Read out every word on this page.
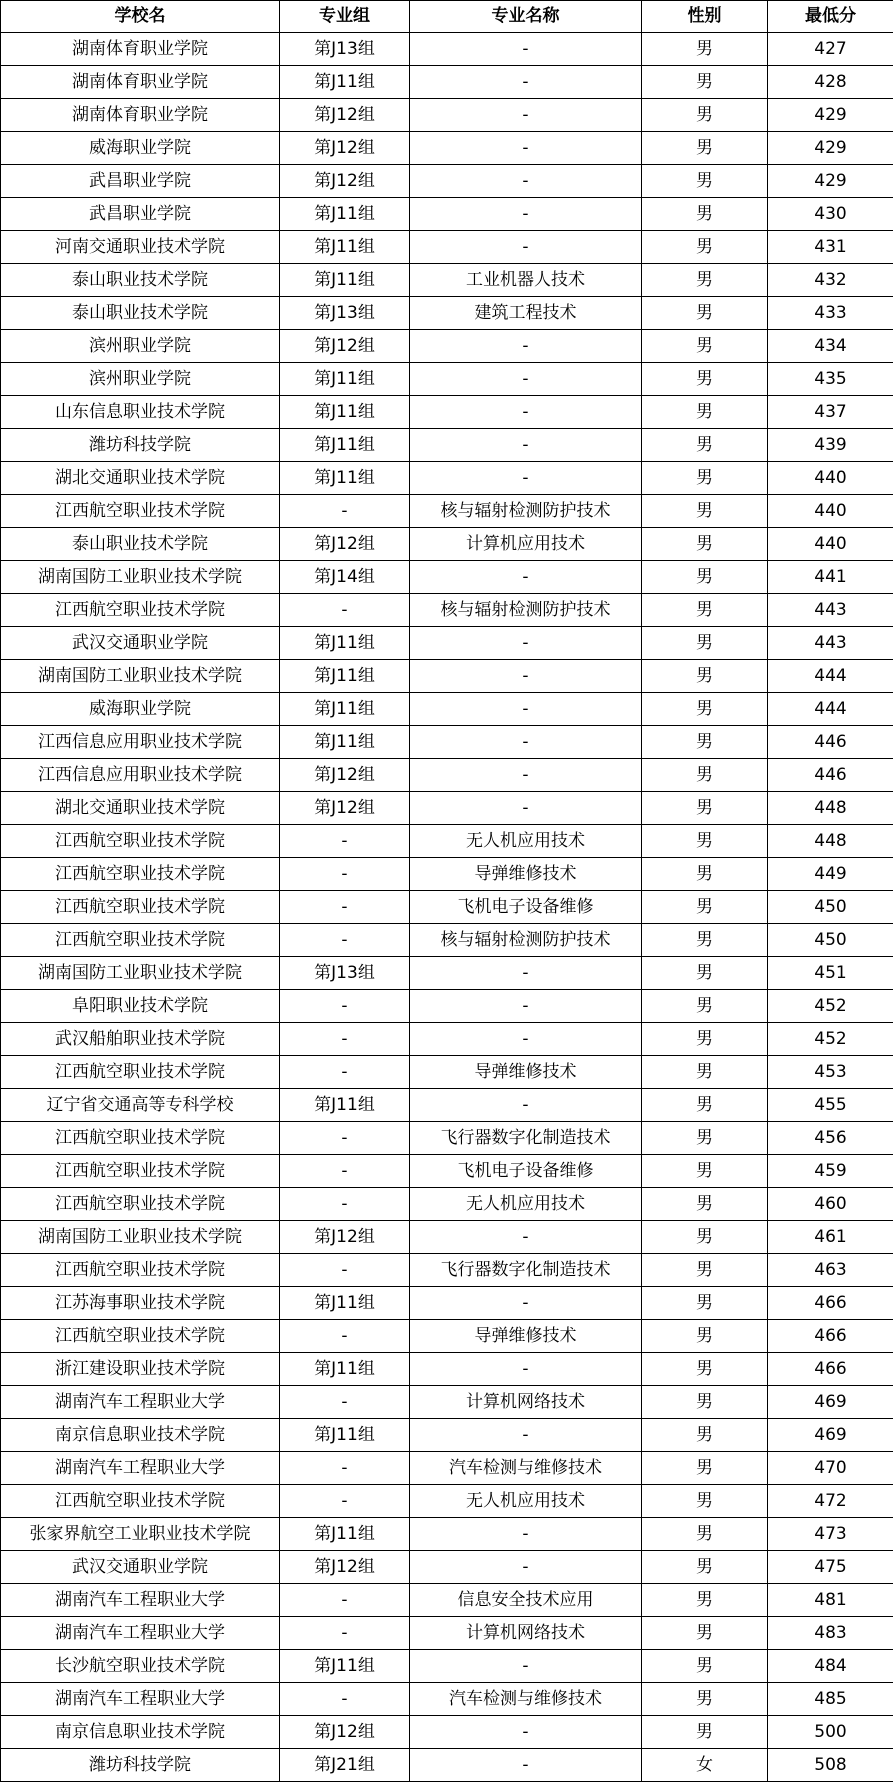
学校名	专业组	专业名称	性别	最低分
湖南体育职业学院	第J13组	-	男	427
湖南体育职业学院	第J11组	-	男	428
湖南体育职业学院	第J12组	-	男	429
威海职业学院	第J12组	-	男	429
武昌职业学院	第J12组	-	男	429
武昌职业学院	第J11组	-	男	430
河南交通职业技术学院	第J11组	-	男	431
泰山职业技术学院	第J11组	工业机器人技术	男	432
泰山职业技术学院	第J13组	建筑工程技术	男	433
滨州职业学院	第J12组	-	男	434
滨州职业学院	第J11组	-	男	435
山东信息职业技术学院	第J11组	-	男	437
潍坊科技学院	第J11组	-	男	439
湖北交通职业技术学院	第J11组	-	男	440
江西航空职业技术学院	-	核与辐射检测防护技术	男	440
泰山职业技术学院	第J12组	计算机应用技术	男	440
湖南国防工业职业技术学院	第J14组	-	男	441
江西航空职业技术学院	-	核与辐射检测防护技术	男	443
武汉交通职业学院	第J11组	-	男	443
湖南国防工业职业技术学院	第J11组	-	男	444
威海职业学院	第J11组	-	男	444
江西信息应用职业技术学院	第J11组	-	男	446
江西信息应用职业技术学院	第J12组	-	男	446
湖北交通职业技术学院	第J12组	-	男	448
江西航空职业技术学院	-	无人机应用技术	男	448
江西航空职业技术学院	-	导弹维修技术	男	449
江西航空职业技术学院	-	飞机电子设备维修	男	450
江西航空职业技术学院	-	核与辐射检测防护技术	男	450
湖南国防工业职业技术学院	第J13组	-	男	451
阜阳职业技术学院	-	-	男	452
武汉船舶职业技术学院	-	-	男	452
江西航空职业技术学院	-	导弹维修技术	男	453
辽宁省交通高等专科学校	第J11组	-	男	455
江西航空职业技术学院	-	飞行器数字化制造技术	男	456
江西航空职业技术学院	-	飞机电子设备维修	男	459
江西航空职业技术学院	-	无人机应用技术	男	460
湖南国防工业职业技术学院	第J12组	-	男	461
江西航空职业技术学院	-	飞行器数字化制造技术	男	463
江苏海事职业技术学院	第J11组	-	男	466
江西航空职业技术学院	-	导弹维修技术	男	466
浙江建设职业技术学院	第J11组	-	男	466
湖南汽车工程职业大学	-	计算机网络技术	男	469
南京信息职业技术学院	第J11组	-	男	469
湖南汽车工程职业大学	-	汽车检测与维修技术	男	470
江西航空职业技术学院	-	无人机应用技术	男	472
张家界航空工业职业技术学院	第J11组	-	男	473
武汉交通职业学院	第J12组	-	男	475
湖南汽车工程职业大学	-	信息安全技术应用	男	481
湖南汽车工程职业大学	-	计算机网络技术	男	483
长沙航空职业技术学院	第J11组	-	男	484
湖南汽车工程职业大学	-	汽车检测与维修技术	男	485
南京信息职业技术学院	第J12组	-	男	500
潍坊科技学院	第J21组	-	女	508
